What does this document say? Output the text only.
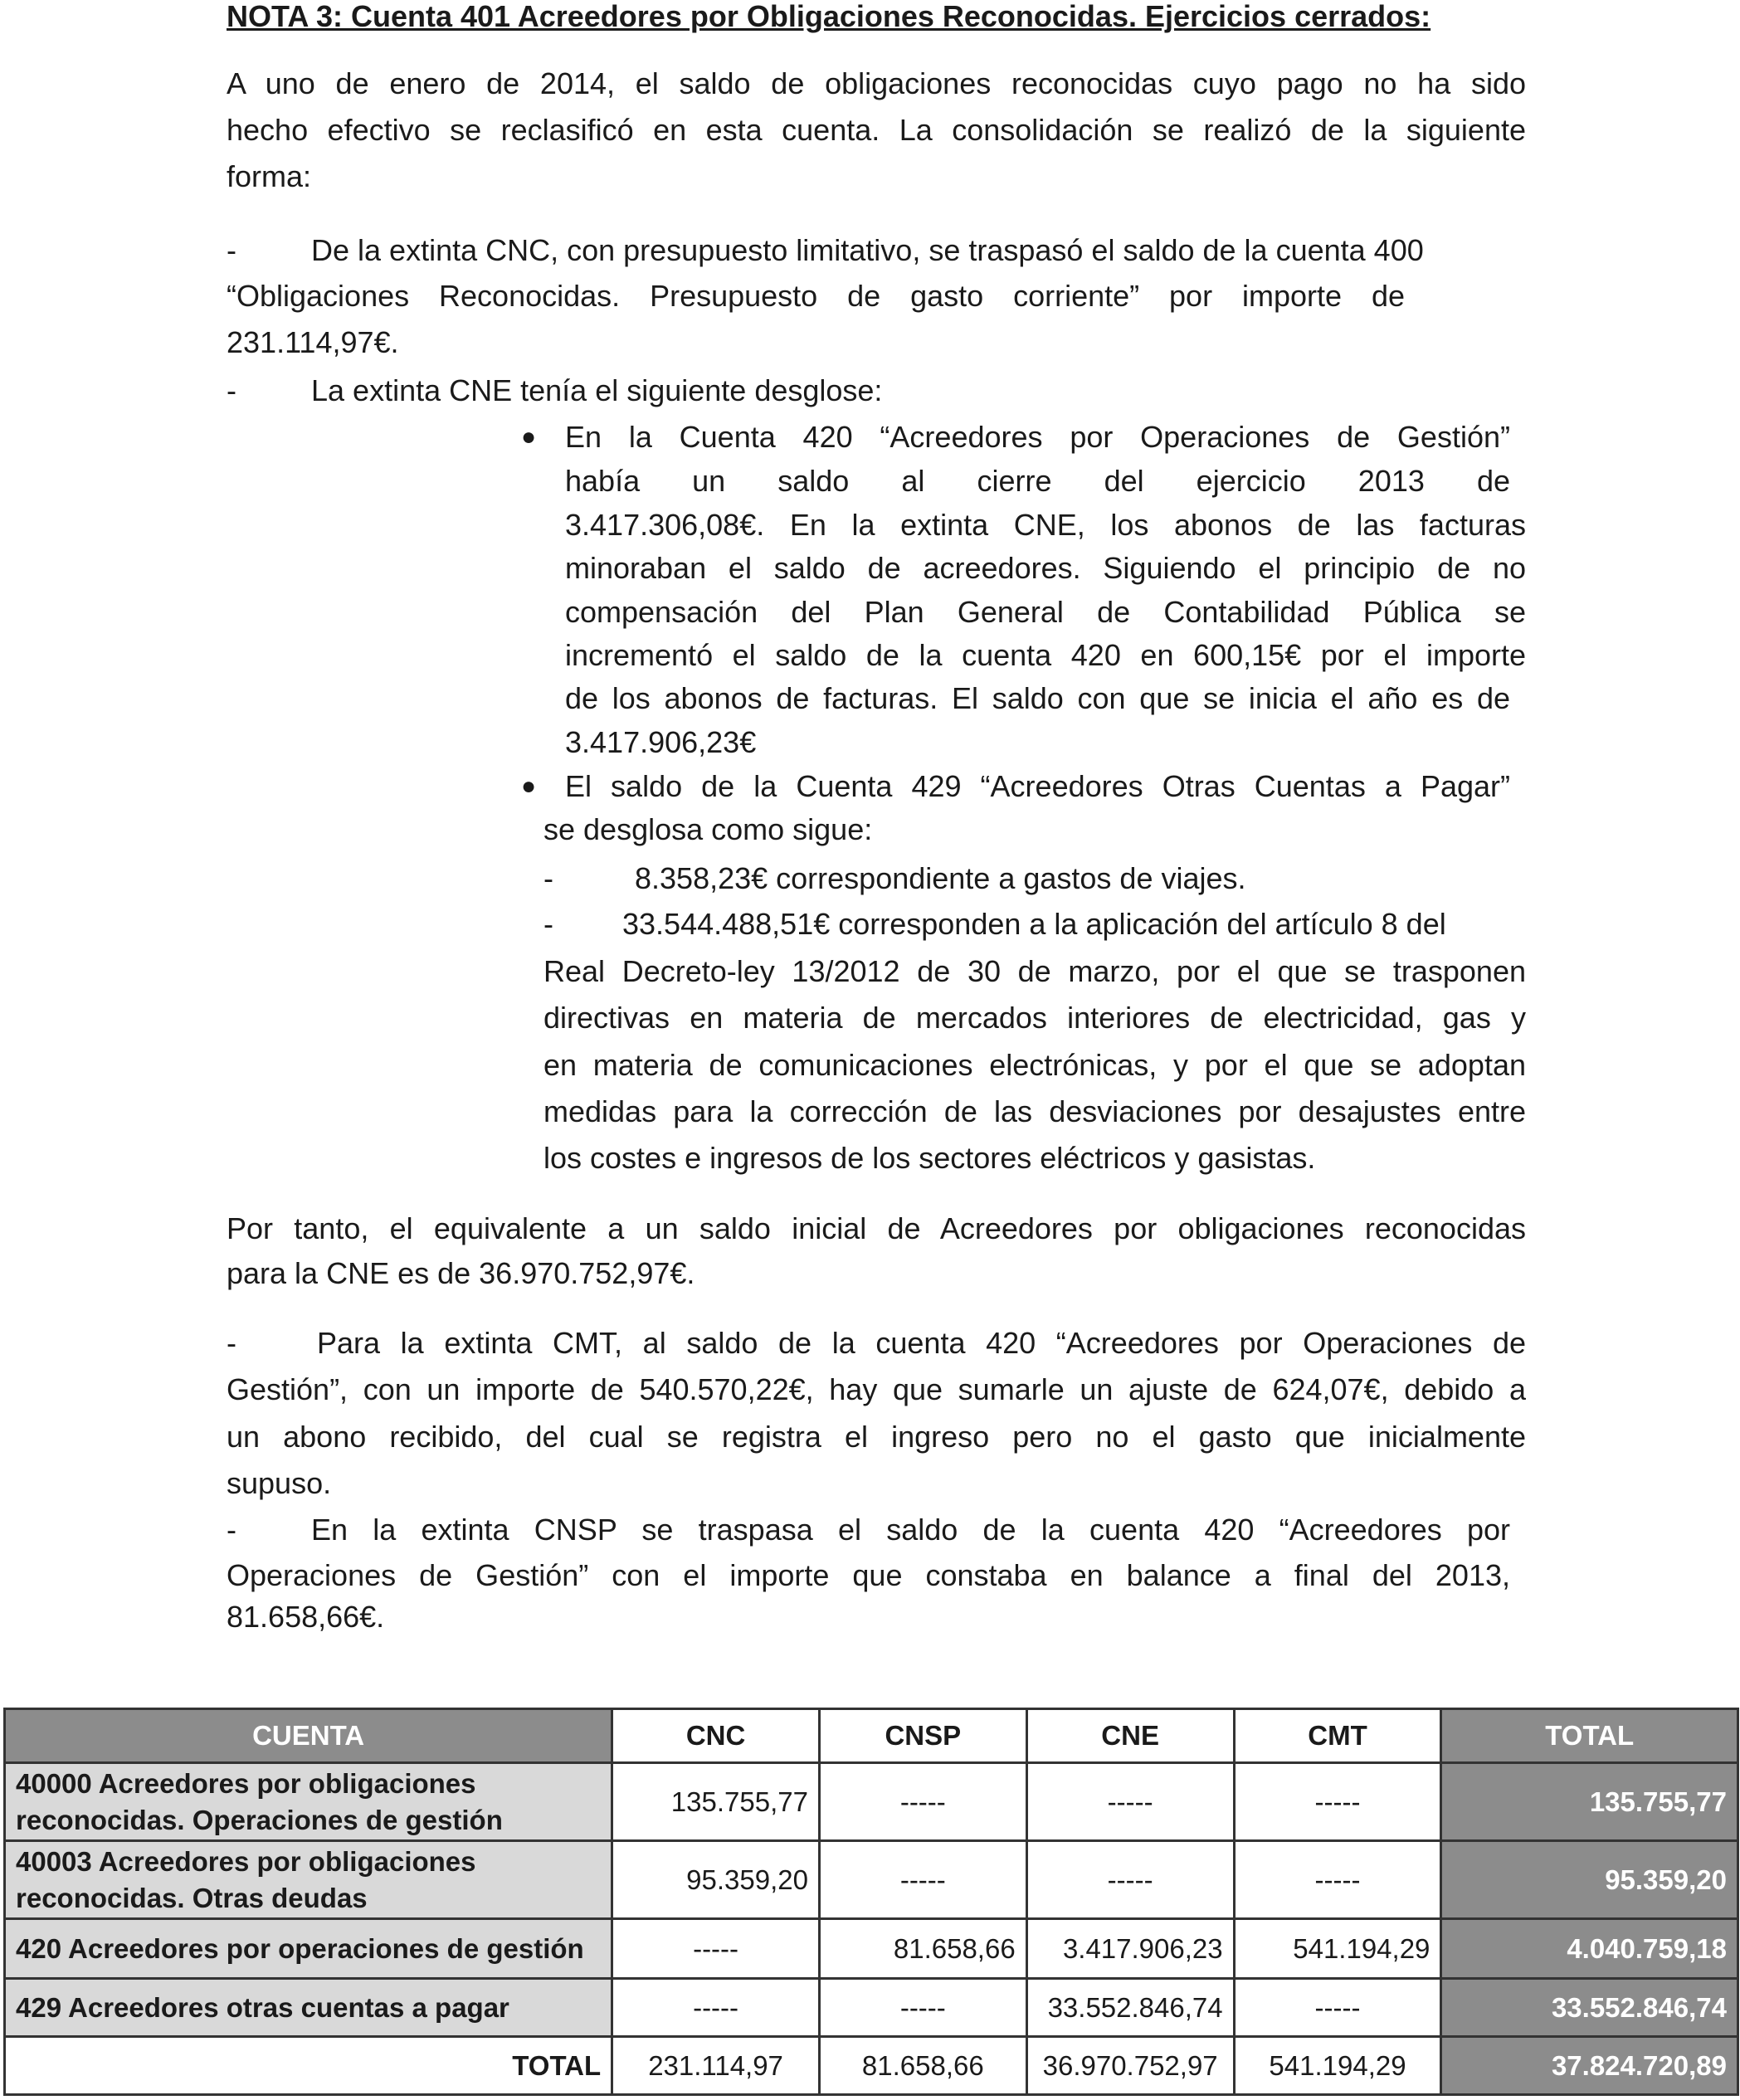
NOTA 3: Cuenta 401 Acreedores por Obligaciones Reconocidas. Ejercicios cerrados:
A uno de enero de 2014, el saldo de obligaciones reconocidas cuyo pago no ha sido
hecho efectivo se reclasificó en esta cuenta. La consolidación se realizó de la siguiente
forma:
-	De la extinta CNC, con presupuesto limitativo, se traspasó el saldo de la cuenta 400
“Obligaciones Reconocidas. Presupuesto de gasto corriente” por importe de
231.114,97€.
-	La extinta CNE tenía el siguiente desglose:
● En la Cuenta 420 “Acreedores por Operaciones de Gestión”
había un saldo al cierre del ejercicio 2013 de
3.417.306,08€. En la extinta CNE, los abonos de las facturas
minoraban el saldo de acreedores. Siguiendo el principio de no
compensación del Plan General de Contabilidad Pública se
incrementó el saldo de la cuenta 420 en 600,15€ por el importe
de los abonos de facturas. El saldo con que se inicia el año es de
3.417.906,23€
● El saldo de la Cuenta 429 “Acreedores Otras Cuentas a Pagar”
se desglosa como sigue:
-	8.358,23€ correspondiente a gastos de viajes.
- 33.544.488,51€ corresponden a la aplicación del artículo 8 del
Real Decreto-ley 13/2012 de 30 de marzo, por el que se trasponen
directivas en materia de mercados interiores de electricidad, gas y
en materia de comunicaciones electrónicas, y por el que se adoptan
medidas para la corrección de las desviaciones por desajustes entre
los costes e ingresos de los sectores eléctricos y gasistas.
Por tanto, el equivalente a un saldo inicial de Acreedores por obligaciones reconocidas
para la CNE es de 36.970.752,97€.
-	Para la extinta CMT, al saldo de la cuenta 420 “Acreedores por Operaciones de
Gestión”, con un importe de 540.570,22€, hay que sumarle un ajuste de 624,07€, debido a
un abono recibido, del cual se registra el ingreso pero no el gasto que inicialmente
supuso.
-	En la extinta CNSP se traspasa el saldo de la cuenta 420 “Acreedores por
Operaciones de Gestión” con el importe que constaba en balance a final del 2013,
81.658,66€.
CUENTA	CNC	CNSP	CNE	CMT	TOTAL

40000 Acreedores por obligaciones
reconocidas. Operaciones de gestión	135.755,77	-----	-----	-----	135.755,77

40003 Acreedores por obligaciones
reconocidas. Otras deudas	95.359,20	-----	-----	-----	95.359,20
420 Acreedores por operaciones de gestión	-----	81.658,66	3.417.906,23	541.194,29	4.040.759,18
429 Acreedores otras cuentas a pagar	-----	-----	33.552.846,74	-----	33.552.846,74
TOTAL	231.114,97	81.658,66	36.970.752,97	541.194,29	37.824.720,89
